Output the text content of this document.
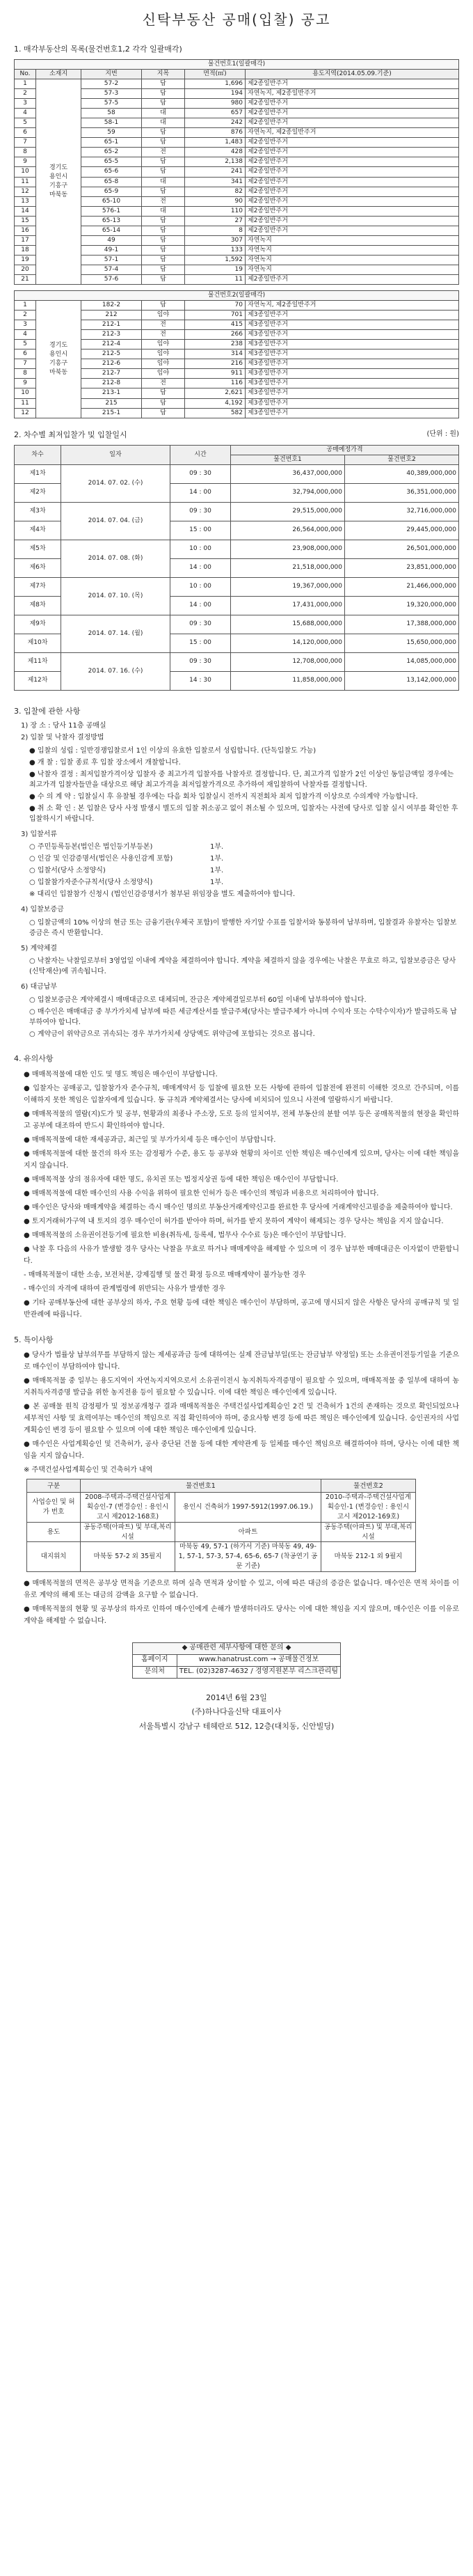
신탁부동산 공매(입찰) 공고
1. 매각부동산의 목록(물건번호1,2 각각 일괄매각)
물건번호1(일괄매각)					
No.	소재지	지번	지목	면적(㎡)	용도지역(2014.05.09.기준)
1	경기도
용인시
기흥구
마북동	57-2	답	1,696	제2종일반주거
2		57-3	답	194	자연녹지, 제2종일반주거
3		57-5	답	980	제2종일반주거
4		58	대	657	제2종일반주거
5		58-1	대	242	제2종일반주거
6		59	답	876	자연녹지, 제2종일반주거
7		65-1	답	1,483	제2종일반주거
8		65-2	전	428	제2종일반주거
9		65-5	답	2,138	제2종일반주거
10		65-6	답	241	제2종일반주거
11		65-8	대	341	제2종일반주거
12		65-9	답	82	제2종일반주거
13		65-10	전	90	제2종일반주거
14		576-1	대	110	제2종일반주거
15		65-13	답	27	제2종일반주거
16		65-14	답	8	제2종일반주거
17		49	답	307	자연녹지
18		49-1	답	133	자연녹지
19		57-1	답	1,592	자연녹지
20		57-4	답	19	자연녹지
21		57-6	답	11	제2종일반주거
물건번호2(일괄매각)					
1	경기도
용인시
기흥구
마북동	182-2	답	70	자연녹지, 제2종일반주거
2		212	임야	701	제3종일반주거
3		212-1	전	415	제3종일반주거
4		212-3	전	266	제3종일반주거
5		212-4	임야	238	제3종일반주거
6		212-5	임야	314	제3종일반주거
7		212-6	임야	216	제3종일반주거
8		212-7	임야	911	제3종일반주거
9		212-8	전	116	제3종일반주거
10		213-1	답	2,621	제3종일반주거
11		215	답	4,192	제3종일반주거
12		215-1	답	582	제3종일반주거
2. 차수별 최저입찰가 및 입찰일시	(단위 : 원)
차수	일자	시간	공매예정가격	
			물건번호1	물건번호2
제1차	2014. 07. 02. (수)	09 : 30	36,437,000,000	40,389,000,000
제2차		14 : 00	32,794,000,000	36,351,000,000
제3차	2014. 07. 04. (금)	09 : 30	29,515,000,000	32,716,000,000
제4차		15 : 00	26,564,000,000	29,445,000,000
제5차	2014. 07. 08. (화)	10 : 00	23,908,000,000	26,501,000,000
제6차		14 : 00	21,518,000,000	23,851,000,000
제7차	2014. 07. 10. (목)	10 : 00	19,367,000,000	21,466,000,000
제8차		14 : 00	17,431,000,000	19,320,000,000
제9차	2014. 07. 14. (월)	09 : 30	15,688,000,000	17,388,000,000
제10차		15 : 00	14,120,000,000	15,650,000,000
제11차	2014. 07. 16. (수)	09 : 30	12,708,000,000	14,085,000,000
제12차		14 : 30	11,858,000,000	13,142,000,000
3. 입찰에 관한 사항
1) 장 소 : 당사 11층 공매실
2) 입찰 및 낙찰자 결정방법
● 입찰의 성립 : 일반경쟁입찰로서 1인 이상의 유효한 입찰로서 성립합니다. (단독입찰도 가능)
● 개 찰 : 입찰 종료 후 입찰 장소에서 개찰합니다.
● 낙찰자 결정 : 최저입찰가격이상 입찰자 중 최고가격 입찰자를 낙찰자로 결정합니다. 단, 최고가격 입찰가 2인 이상인 동일금액일 경우에는 최고가격 입찰자들만을 대상으로 해당 최고가격을 최저입찰가격으로 추가하여 재입찰하여 낙찰자를 결정합니다.
● 수 의 계 약 : 입찰실시 후 유찰될 경우에는 다음 회차 입찰실시 전까지 직전회차 최저 입찰가격 이상으로 수의계약 가능합니다.
● 취 소 확 인 : 본 입찰은 당사 사정 발생시 별도의 입찰 취소공고 없이 취소될 수 있으며, 입찰자는 사전에 당사로 입찰 실시 여부를 확인한 후 입찰하시기 바랍니다.
3) 입찰서류
○ 주민등록등본(법인은 법인등기부등본)	1부.
○ 인감 및 인감증명서(법인은 사용인감계 포함)	1부.
○ 입찰서(당사 소정양식)	1부.
○ 입찰참가자준수규칙서(당사 소정양식)	1부.
※ 대리인 입찰참가 신청시 (법인인감증명서가 첨부된 위임장을 별도 제출하여야 합니다.
4) 입찰보증금
○ 입찰금액의 10% 이상의 현금 또는 금융기관(우체국 포함)이 발행한 자기앞 수표를 입찰서와 동봉하여 납부하며, 입찰결과 유찰자는 입찰보증금은 즉시 반환합니다.
5) 계약체결
○ 낙찰자는 낙찰일로부터 3영업일 이내에 계약을 체결하여야 합니다. 계약을 체결하지 않을 경우에는 낙찰은 무효로 하고, 입찰보증금은 당사(신탁재산)에 귀속됩니다.
6) 대금납부
○ 입찰보증금은 계약체결시 매매대금으로 대체되며, 잔금은 계약체결일로부터 60일 이내에 납부하여야 합니다.
○ 매수인은 매매대금 중 부가가치세 납부에 따른 세금계산서를 발급주체(당사는 발급주체가 아니며 수익자 또는 수탁수익자)가 발급하도록 납부하여야 합니다.
○ 계약금이 위약금으로 귀속되는 경우 부가가치세 상당액도 위약금에 포함되는 것으로 봅니다.
4. 유의사항
● 매매목적물에 대한 인도 및 명도 책임은 매수인이 부담합니다.
● 입찰자는 공매공고, 입찰참가자 준수규칙, 매매계약서 등 입찰에 필요한 모든 사항에 관하여 입찰전에 완전히 이해한 것으로 간주되며, 이를 이해하지 못한 책임은 입찰자에게 있습니다. 동 규칙과 계약체결서는 당사에 비치되어 있으니 사전에 열람하시기 바랍니다.
● 매매목적물의 열람(지)도가 및 공부, 현황과의 최종나 주소장, 도로 등의 일치여부, 전체 부동산의 분할 여부 등은 공매목적물의 현장을 확인하고 공부에 대조하여 반드시 확인하여야 합니다.
● 매매목적물에 대한 재세공과금, 최근일 및 부가가치세 등은 매수인이 부담합니다.
● 매매목적물에 대한 물건의 하자 또는 감정평가 수준, 용도 등 공부와 현황의 차이로 인한 책임은 매수인에게 있으며, 당사는 이에 대한 책임을 지지 않습니다.
● 매매목적물 상의 점유자에 대한 명도, 유치권 또는 법정지상권 등에 대한 책임은 매수인이 부담합니다.
● 매매목적물에 대한 매수인의 사용 수익을 위하여 필요한 인허가 등은 매수인의 책임과 비용으로 처리하여야 합니다.
● 매수인은 당사와 매매계약을 체결하는 즉시 매수인 명의로 부동산거래계약신고를 완료한 후 당사에 거래계약신고필증을 제출하여야 합니다.
● 토지거래허가구역 내 토지의 경우 매수인이 허가를 받아야 하며, 허가를 받지 못하여 계약이 해제되는 경우 당사는 책임을 지지 않습니다.
● 매매목적물의 소유권이전등기에 필요한 비용(취득세, 등록세, 법무사 수수료 등)은 매수인이 부담합니다.
● 낙찰 후 다음의 사유가 발생할 경우 당사는 낙찰을 무효로 하거나 매매계약을 해제할 수 있으며 이 경우 납부한 매매대금은 이자없이 반환합니다.
- 매매목적물이 대한 소송, 보전처분, 강제집행 및 물건 확정 등으로 매매계약이 불가능한 경우
- 매수인의 자격에 대하여 관계법령에 위반되는 사유가 발생한 경우
● 기타 공매부동산에 대한 공부상의 하자, 주요 현황 등에 대한 책임은 매수인이 부담하며, 공고에 명시되지 않은 사항은 당사의 공매규칙 및 일반관례에 따릅니다.
5. 특이사항
● 당사가 법률상 납부의무를 부담하지 않는 제세공과금 등에 대하여는 실제 잔금납부일(또는 잔금납부 약정일) 또는 소유권이전등기일을 기준으로 매수인이 부담하여야 합니다.
● 매매목적물 중 일부는 용도지역이 자연녹지지역으로서 소유권이전시 농지취득자격증명이 필요할 수 있으며, 매매목적물 중 일부에 대하여 농지취득자격증명 발급을 위한 농지전용 등이 필요할 수 있습니다. 이에 대한 책임은 매수인에게 있습니다.
● 본 공매물 원칙 감정평가 및 정보공개청구 결과 매매목적물은 주택건설사업계획승인 2건 및 건축허가 1건의 존재하는 것으로 확인되었으나 세부적인 사항 및 효력여부는 매수인의 책임으로 직접 확인하여야 하며, 중요사항 변경 등에 따른 책임은 매수인에게 있습니다. 승인권자의 사업계획승인 변경 등이 필요할 수 있으며 이에 대한 책임은 매수인에게 있습니다.
● 매수인은 사업계획승인 및 건축허가, 공사 중단된 건물 등에 대한 계약관계 등 일체를 매수인 책임으로 해결하여야 하며, 당사는 이에 대한 책임을 지지 않습니다.
※ 주택건설사업계획승인 및 건축허가 내역
구분	물건번호1		물건번호2
사업승인 및 허가 번호	2008-주택과-주택건설사업계획승인-7 (변경승인 : 용인시 고시 제2012-168호)	용인시 건축허가 1997-5912(1997.06.19.)	2010-주택과-주택건설사업계획승인-1 (변경승인 : 용인시 고시 제2012-169호)
용도	공동주택(아파트) 및 부대,복리시설	아파트	공동주택(아파트) 및 부대,복리시설
대지위치	마북동 57-2 외 35필지	마북동 49, 57-1 (하가서 기준) 마북동 49, 49-1, 57-1, 57-3, 57-4, 65-6, 65-7 (착공연기 공문 기준)	마북동 212-1 외 9필지
● 매매목적물의 면적은 공부상 면적을 기준으로 하며 실측 면적과 상이할 수 있고, 이에 따른 대금의 증감은 없습니다. 매수인은 면적 차이를 이유로 계약의 해제 또는 대금의 감액을 요구할 수 없습니다.
● 매매목적물의 현황 및 공부상의 하자로 인하여 매수인에게 손해가 발생하더라도 당사는 이에 대한 책임을 지지 않으며, 매수인은 이를 이유로 계약을 해제할 수 없습니다.
◆ 공매관련 세부사항에 대한 문의 ◆	
홈페이지	www.hanatrust.com → 공매물건정보
문의처	TEL. (02)3287-4632 / 경영지원본부 리스크관리팀
2014년 6월 23일
(주)하나다올신탁 대표이사
서울특별시 강남구 테헤란로 512, 12층(대치동, 신안빌딩)
